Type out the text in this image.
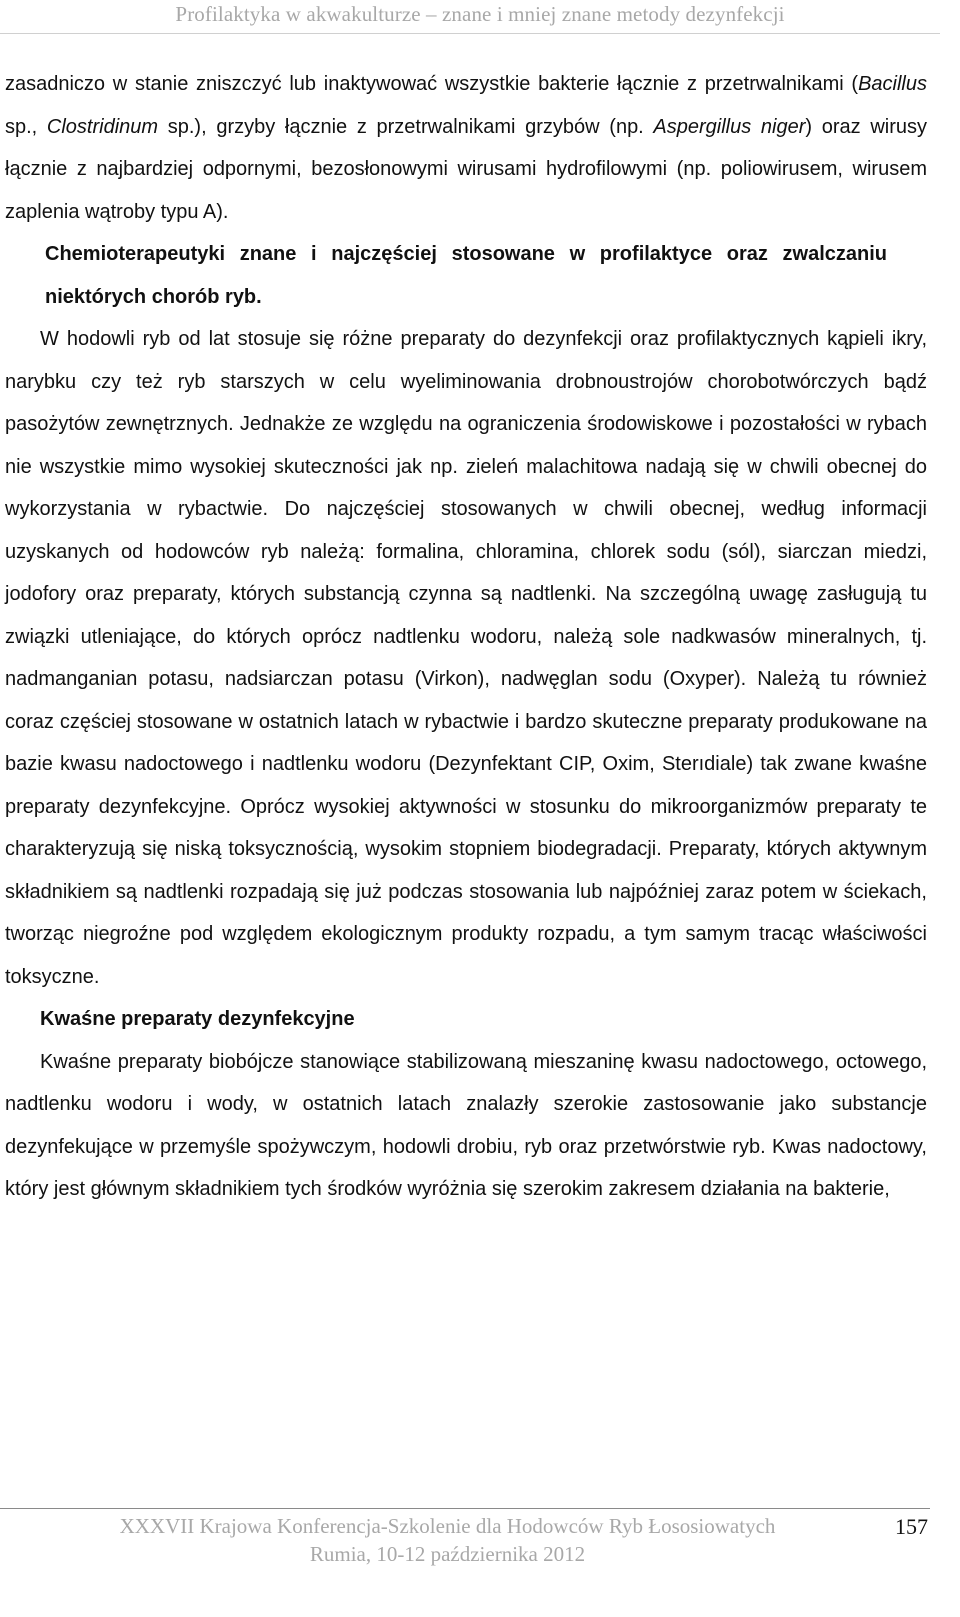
Profilaktyka w akwakulturze – znane i mniej znane metody dezynfekcji

zasadniczo w stanie zniszczyć lub inaktywować wszystkie bakterie łącznie z przetrwalnikami (Bacillus sp., Clostridinum sp.), grzyby łącznie z przetrwalnikami grzybów (np. Aspergillus niger) oraz wirusy łącznie z najbardziej odpornymi, bezosłonowymi wirusami hydrofilowymi (np. poliowirusem, wirusem zaplenia wątroby typu A).

Chemioterapeutyki znane i najczęściej stosowane w profilaktyce oraz zwalczaniu niektórych chorób ryb.

W hodowli ryb od lat stosuje się różne preparaty do dezynfekcji oraz profilaktycznych kąpieli ikry, narybku czy też ryb starszych w celu wyeliminowania drobnoustrojów chorobotwórczych bądź pasożytów zewnętrznych. Jednakże ze względu na ograniczenia środowiskowe i pozostałości w rybach nie wszystkie mimo wysokiej skuteczności jak np. zieleń malachitowa nadają się w chwili obecnej do wykorzystania w rybactwie. Do najczęściej stosowanych w chwili obecnej, według informacji uzyskanych od hodowców ryb należą: formalina, chloramina, chlorek sodu (sól), siarczan miedzi, jodofory oraz preparaty, których substancją czynna są nadtlenki. Na szczególną uwagę zasługują tu związki utleniające, do których oprócz nadtlenku wodoru, należą sole nadkwasów mineralnych, tj. nadmanganian potasu, nadsiarczan potasu (Virkon), nadwęglan sodu (Oxyper). Należą tu również coraz częściej stosowane w ostatnich latach w rybactwie i bardzo skuteczne preparaty produkowane na bazie kwasu nadoctowego i nadtlenku wodoru (Dezynfektant CIP, Oxim, Sterıdiale) tak zwane kwaśne preparaty dezynfekcyjne. Oprócz wysokiej aktywności w stosunku do mikroorganizmów preparaty te charakteryzują się niską toksycznością, wysokim stopniem biodegradacji. Preparaty, których aktywnym składnikiem są nadtlenki rozpadają się już podczas stosowania lub najpóźniej zaraz potem w ściekach, tworząc niegroźne pod względem ekologicznym produkty rozpadu, a tym samym tracąc właściwości toksyczne.

Kwaśne preparaty dezynfekcyjne

Kwaśne preparaty biobójcze stanowiące stabilizowaną mieszaninę kwasu nadoctowego, octowego, nadtlenku wodoru i wody, w ostatnich latach znalazły szerokie zastosowanie jako substancje dezynfekujące w przemyśle spożywczym, hodowli drobiu, ryb oraz przetwórstwie ryb. Kwas nadoctowy, który jest głównym składnikiem tych środków wyróżnia się szerokim zakresem działania na bakterie,

XXXVII Krajowa Konferencja-Szkolenie dla Hodowców Ryb Łososiowatych
Rumia, 10-12 października 2012
157
